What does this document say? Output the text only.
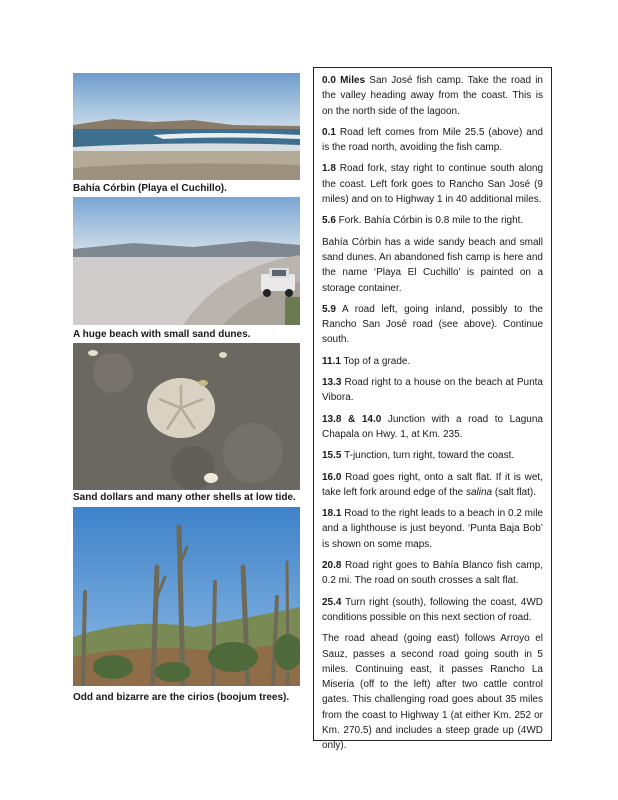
Bahía Córbin (Playa el Cuchillo).
A huge beach with small sand dunes.
Sand dollars and many other shells at low tide.
Odd and bizarre are the cirios (boojum trees).

0.0 Miles San José fish camp. Take the road in the valley heading away from the coast. This is on the north side of the lagoon.

0.1 Road left comes from Mile 25.5 (above) and is the road north, avoiding the fish camp.

1.8 Road fork, stay right to continue south along the coast. Left fork goes to Rancho San José (9 miles) and on to Highway 1 in 40 additional miles.

5.6 Fork. Bahía Córbin is 0.8 mile to the right.

Bahía Córbin has a wide sandy beach and small sand dunes. An abandoned fish camp is here and the name ‘Playa El Cuchillo’ is painted on a storage container.

5.9 A road left, going inland, possibly to the Rancho San José road (see above). Continue south.

11.1 Top of a grade.

13.3 Road right to a house on the beach at Punta Vibora.

13.8 & 14.0 Junction with a road to Laguna Chapala on Hwy. 1, at Km. 235.

15.5 T-junction, turn right, toward the coast.

16.0 Road goes right, onto a salt flat. If it is wet, take left fork around edge of the salina (salt flat).

18.1 Road to the right leads to a beach in 0.2 mile and a lighthouse is just beyond. ‘Punta Baja Bob’ is shown on some maps.

20.8 Road right goes to Bahía Blanco fish camp, 0.2 mi. The road on south crosses a salt flat.

25.4 Turn right (south), following the coast, 4WD conditions possible on this next section of road.

The road ahead (going east) follows Arroyo el Sauz, passes a second road going south in 5 miles. Continuing east, it passes Rancho La Miseria (off to the left) after two cattle control gates. This challenging road goes about 35 miles from the coast to Highway 1 (at either Km. 252 or Km. 270.5) and includes a steep grade up (4WD only).
